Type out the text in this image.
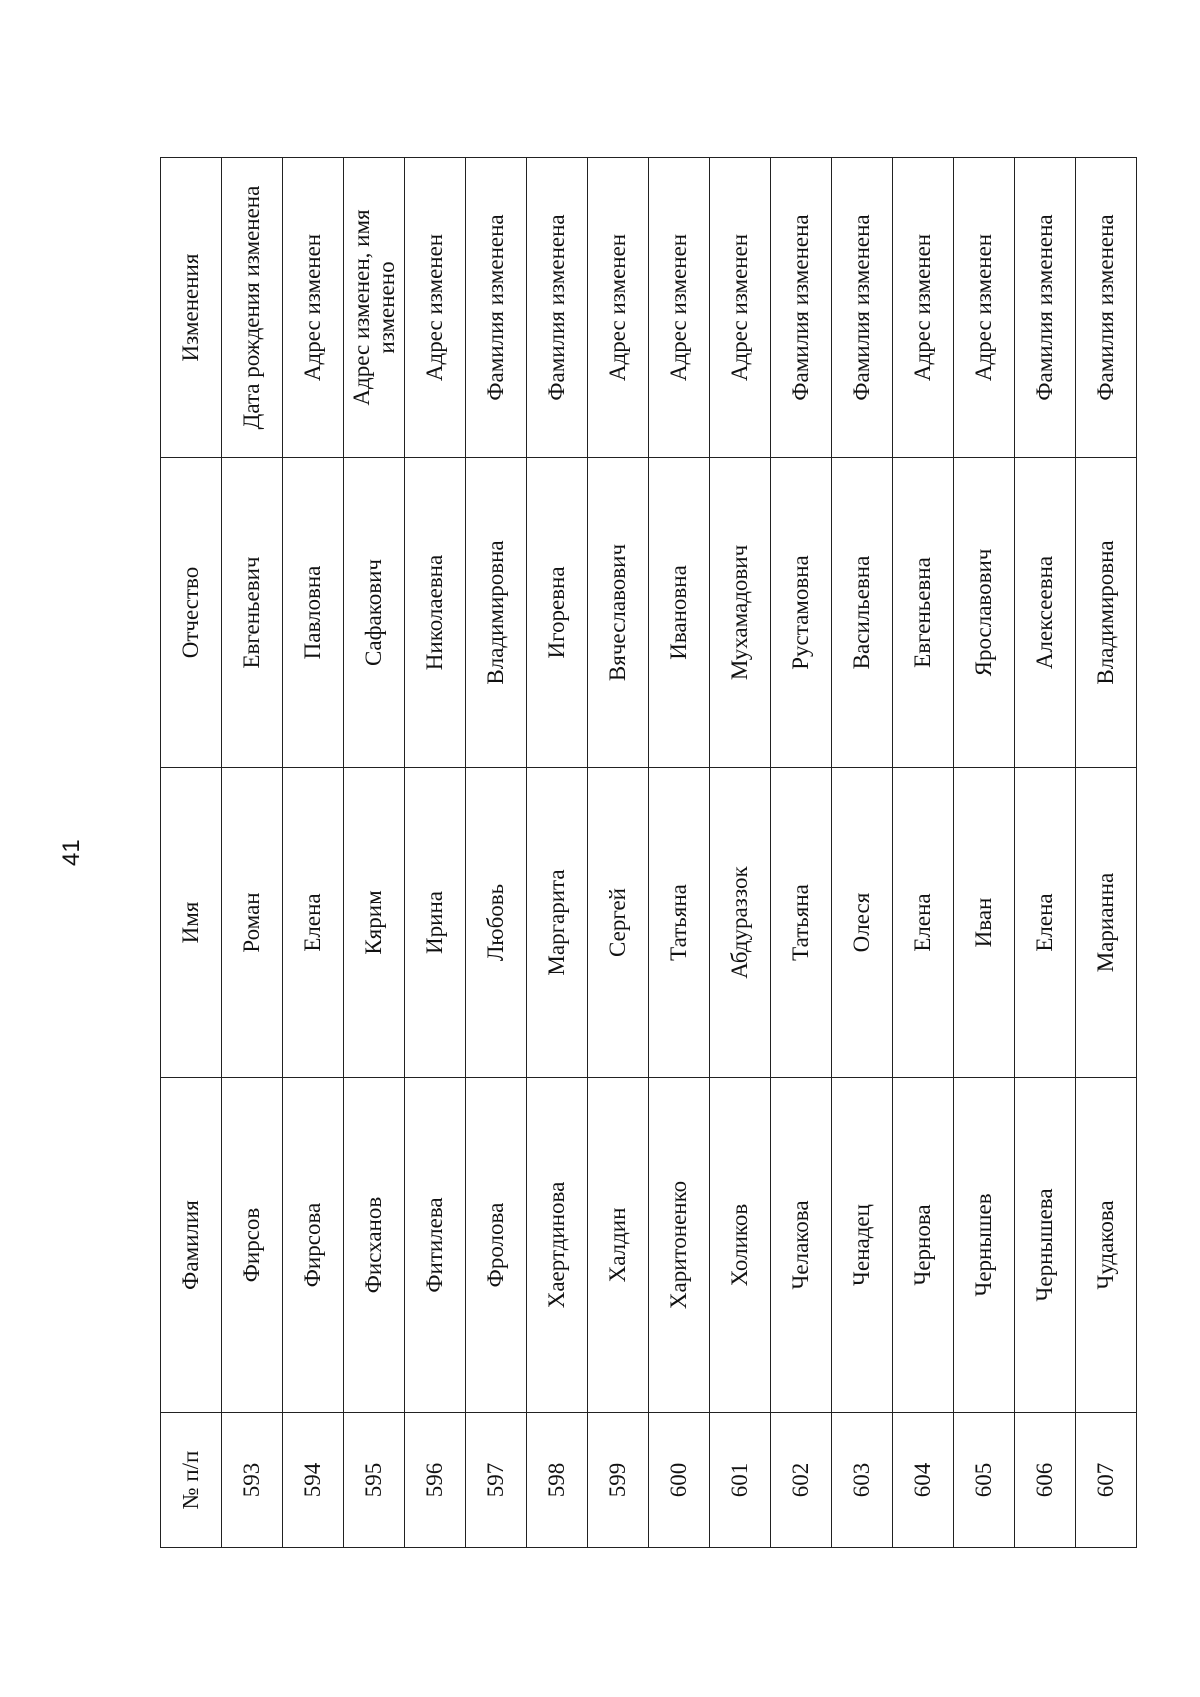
41
№ п/п	Фамилия	Имя	Отчество	Изменения
593	Фирсов	Роман	Евгеньевич	Дата рождения изменена
594	Фирсова	Елена	Павловна	Адрес изменен
595	Фисханов	Кярим	Сафакович	Адрес изменен, имя изменено
596	Фитилева	Ирина	Николаевна	Адрес изменен
597	Фролова	Любовь	Владимировна	Фамилия изменена
598	Хаертдинова	Маргарита	Игоревна	Фамилия изменена
599	Халдин	Сергей	Вячеславович	Адрес изменен
600	Харитоненко	Татьяна	Ивановна	Адрес изменен
601	Холиков	Абдураззок	Мухамадович	Адрес изменен
602	Челакова	Татьяна	Рустамовна	Фамилия изменена
603	Ченадец	Олеся	Васильевна	Фамилия изменена
604	Чернова	Елена	Евгеньевна	Адрес изменен
605	Чернышев	Иван	Ярославович	Адрес изменен
606	Чернышева	Елена	Алексеевна	Фамилия изменена
607	Чудакова	Марианна	Владимировна	Фамилия изменена
